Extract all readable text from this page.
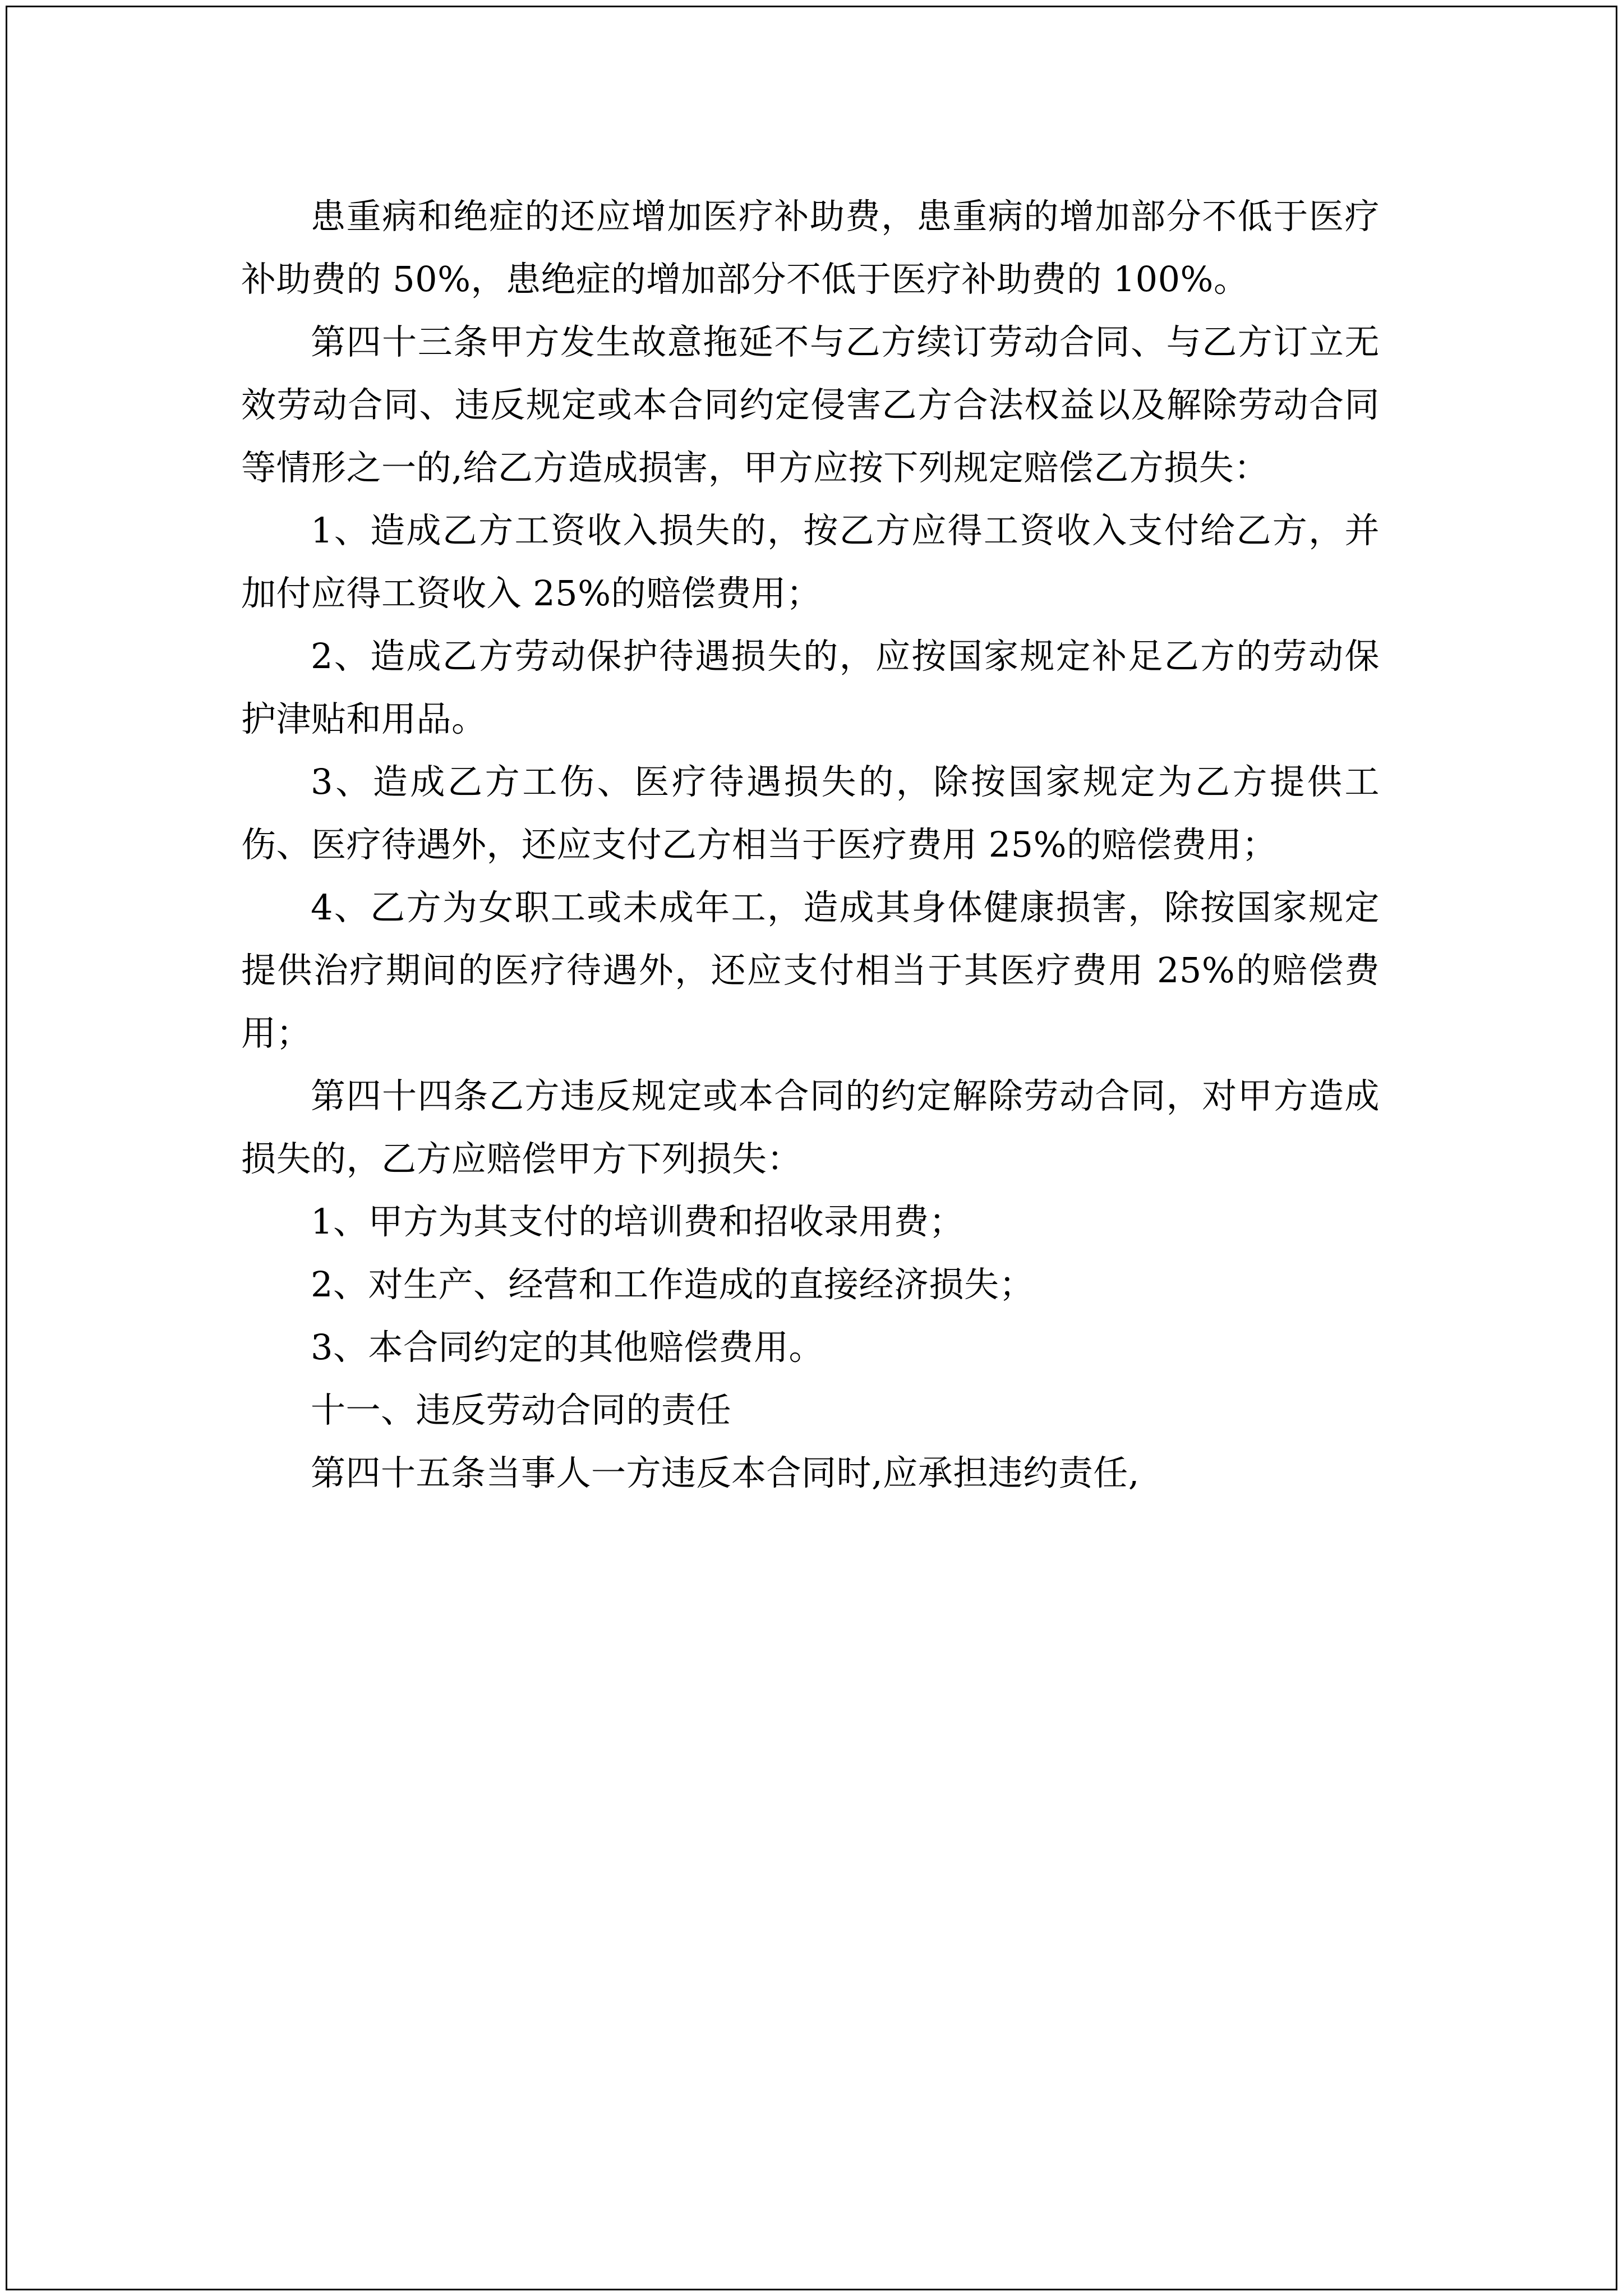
患重病和绝症的还应增加医疗补助费，患重病的增加部分不低于医疗补助费的 50%，患绝症的增加部分不低于医疗补助费的 100%。

第四十三条甲方发生故意拖延不与乙方续订劳动合同、与乙方订立无效劳动合同、违反规定或本合同约定侵害乙方合法权益以及解除劳动合同等情形之一的,给乙方造成损害，甲方应按下列规定赔偿乙方损失：

1、造成乙方工资收入损失的，按乙方应得工资收入支付给乙方，并加付应得工资收入 25%的赔偿费用；

2、造成乙方劳动保护待遇损失的，应按国家规定补足乙方的劳动保护津贴和用品。

3、造成乙方工伤、医疗待遇损失的，除按国家规定为乙方提供工伤、医疗待遇外，还应支付乙方相当于医疗费用 25%的赔偿费用；

4、乙方为女职工或未成年工，造成其身体健康损害，除按国家规定提供治疗期间的医疗待遇外，还应支付相当于其医疗费用 25%的赔偿费用；

第四十四条乙方违反规定或本合同的约定解除劳动合同，对甲方造成损失的，乙方应赔偿甲方下列损失：

1、甲方为其支付的培训费和招收录用费；

2、对生产、经营和工作造成的直接经济损失；

3、本合同约定的其他赔偿费用。

十一、违反劳动合同的责任

第四十五条当事人一方违反本合同时,应承担违约责任,
